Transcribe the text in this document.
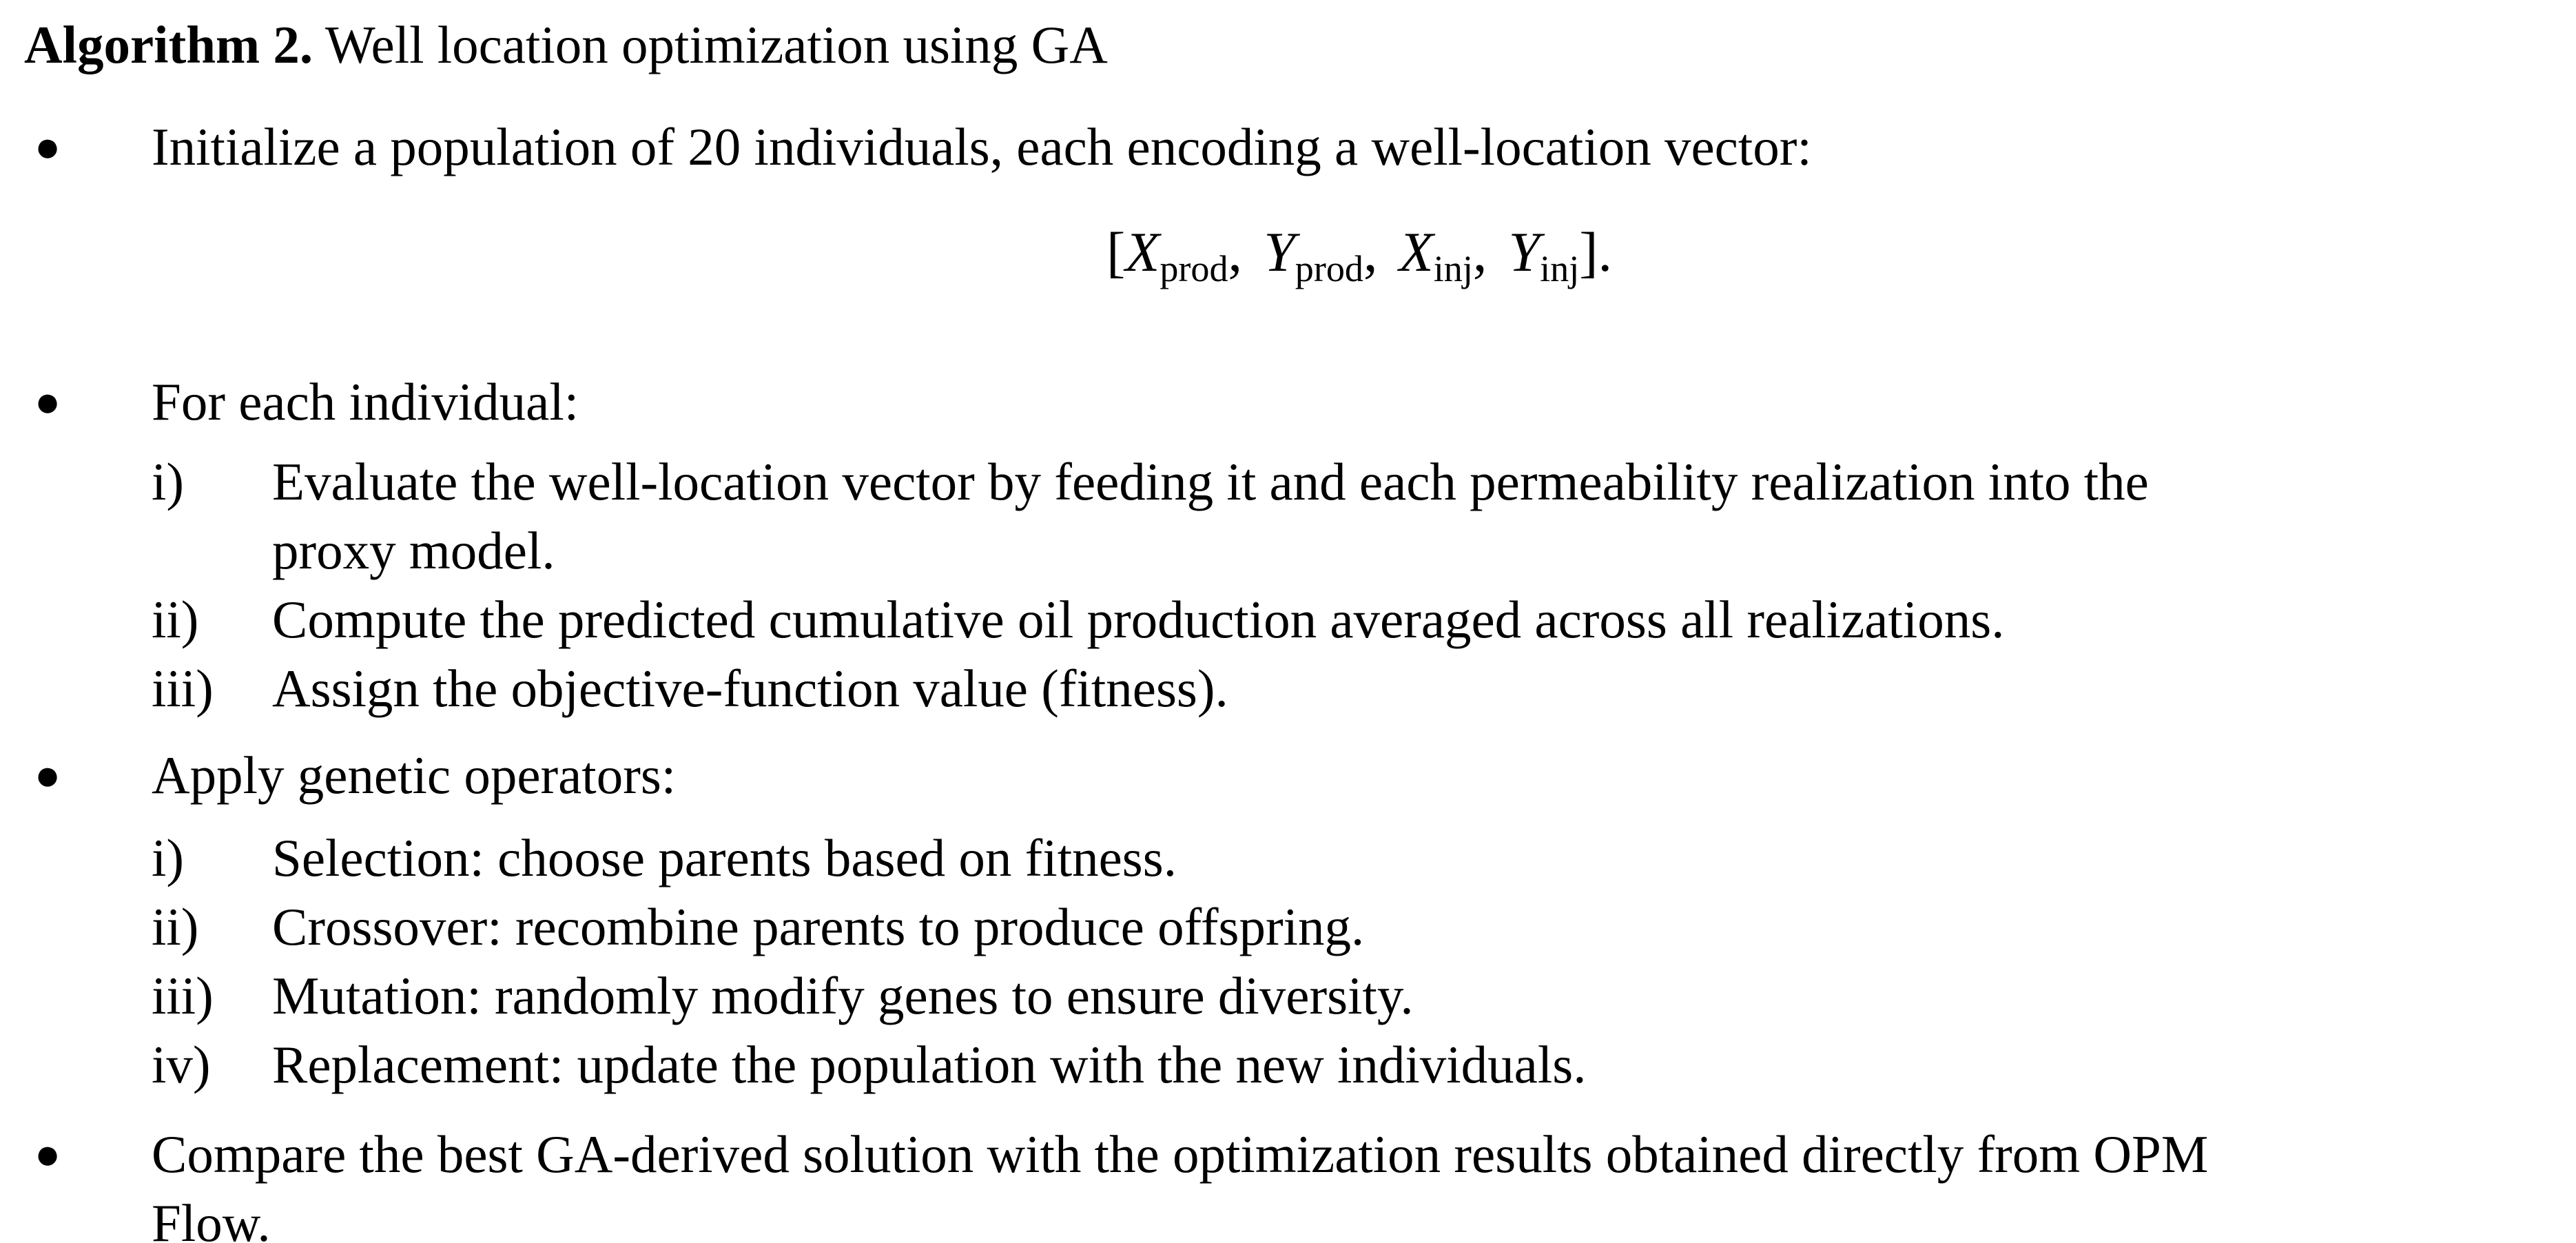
Algorithm 2. Well location optimization using GA
●	Initialize a population of 20 individuals, each encoding a well-location vector:
[Xprod, Yprod, Xinj, Yinj].
●	For each individual:
i)	Evaluate the well-location vector by feeding it and each permeability realization into the
proxy model.
ii)	Compute the predicted cumulative oil production averaged across all realizations.
iii)	Assign the objective-function value (fitness).
●	Apply genetic operators:
i)	Selection: choose parents based on fitness.
ii)	Crossover: recombine parents to produce offspring.
iii)	Mutation: randomly modify genes to ensure diversity.
iv)	Replacement: update the population with the new individuals.
●	Compare the best GA-derived solution with the optimization results obtained directly from OPM
Flow.
